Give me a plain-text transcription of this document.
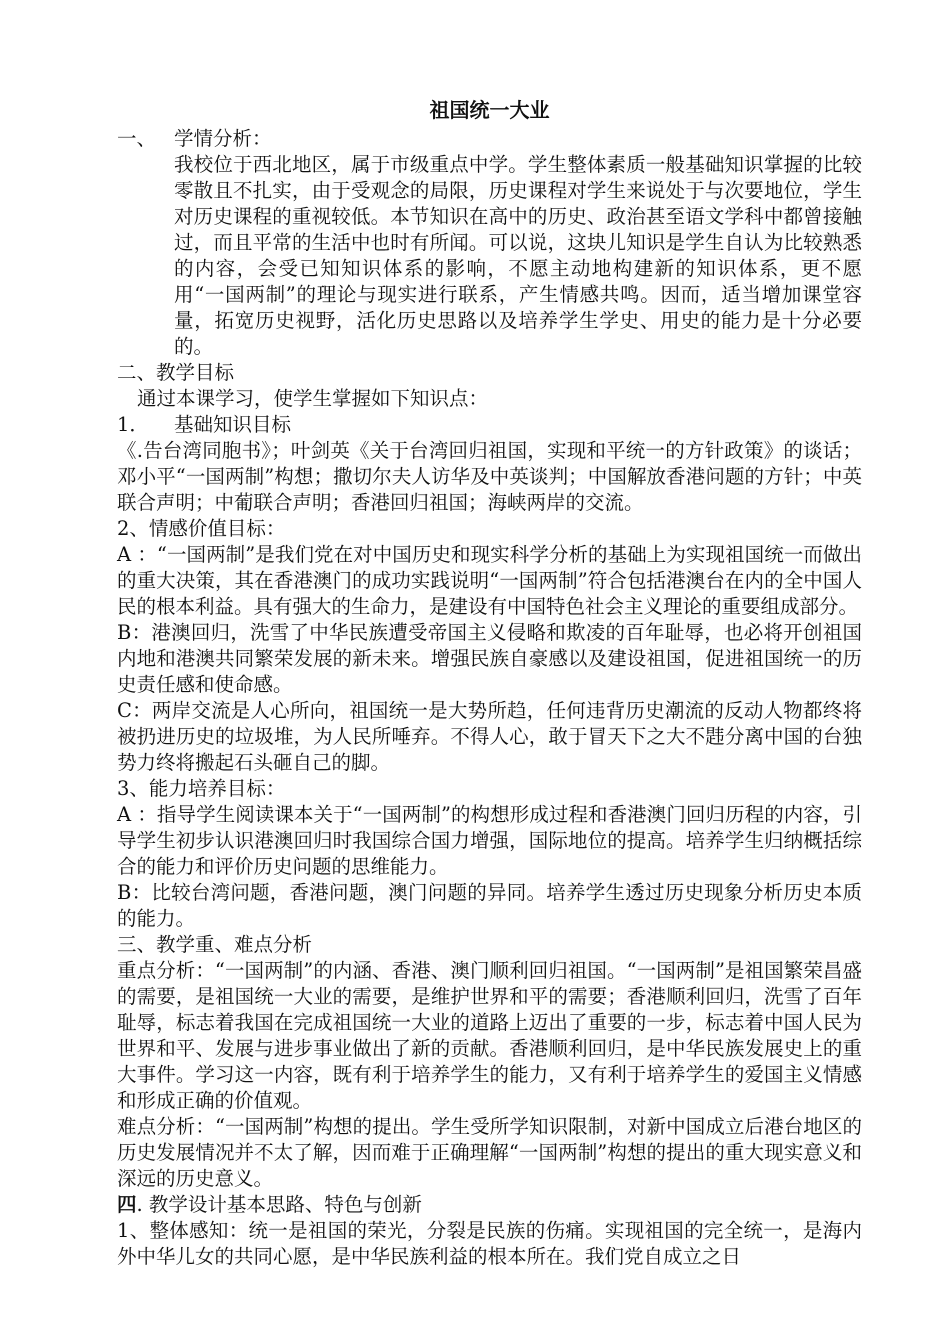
祖国统一大业

一、 学情分析：

我校位于西北地区，属于市级重点中学。学生整体素质一般基础知识掌握的比较零散且不扎实，由于受观念的局限，历史课程对学生来说处于与次要地位，学生对历史课程的重视较低。本节知识在高中的历史、政治甚至语文学科中都曾接触过，而且平常的生活中也时有所闻。可以说，这块儿知识是学生自认为比较熟悉的内容，会受已知知识体系的影响，不愿主动地构建新的知识体系，更不愿用“一国两制”的理论与现实进行联系，产生情感共鸣。因而，适当增加课堂容量，拓宽历史视野，活化历史思路以及培养学生学史、用史的能力是十分必要的。

二、教学目标

通过本课学习，使学生掌握如下知识点：

1． 基础知识目标

《.告台湾同胞书》；叶剑英《关于台湾回归祖国，实现和平统一的方针政策》的谈话；邓小平“一国两制”构想；撒切尔夫人访华及中英谈判；中国解放香港问题的方针；中英联合声明；中葡联合声明；香港回归祖国；海峡两岸的交流。

2、情感价值目标：

A ：“一国两制”是我们党在对中国历史和现实科学分析的基础上为实现祖国统一而做出的重大决策，其在香港澳门的成功实践说明“一国两制”符合包括港澳台在内的全中国人民的根本利益。具有强大的生命力，是建设有中国特色社会主义理论的重要组成部分。

B：港澳回归，洗雪了中华民族遭受帝国主义侵略和欺凌的百年耻辱，也必将开创祖国内地和港澳共同繁荣发展的新未来。增强民族自豪感以及建设祖国，促进祖国统一的历史责任感和使命感。

C：两岸交流是人心所向，祖国统一是大势所趋，任何违背历史潮流的反动人物都终将被扔进历史的垃圾堆，为人民所唾弃。不得人心，敢于冒天下之大不韪分离中国的台独势力终将搬起石头砸自己的脚。

3、能力培养目标：

A ：指导学生阅读课本关于“一国两制”的构想形成过程和香港澳门回归历程的内容，引导学生初步认识港澳回归时我国综合国力增强，国际地位的提高。培养学生归纳概括综合的能力和评价历史问题的思维能力。

B：比较台湾问题，香港问题，澳门问题的异同。培养学生透过历史现象分析历史本质的能力。

三、教学重、难点分析

重点分析：“一国两制”的内涵、香港、澳门顺利回归祖国。“一国两制”是祖国繁荣昌盛的需要，是祖国统一大业的需要，是维护世界和平的需要；香港顺利回归，洗雪了百年耻辱，标志着我国在完成祖国统一大业的道路上迈出了重要的一步，标志着中国人民为世界和平、发展与进步事业做出了新的贡献。香港顺利回归，是中华民族发展史上的重大事件。学习这一内容，既有利于培养学生的能力，又有利于培养学生的爱国主义情感和形成正确的价值观。

难点分析：“一国两制”构想的提出。学生受所学知识限制，对新中国成立后港台地区的历史发展情况并不太了解，因而难于正确理解“一国两制”构想的提出的重大现实意义和深远的历史意义。

四. 教学设计基本思路、特色与创新

1、整体感知：统一是祖国的荣光，分裂是民族的伤痛。实现祖国的完全统一，是海内外中华儿女的共同心愿，是中华民族利益的根本所在。我们党自成立之日
